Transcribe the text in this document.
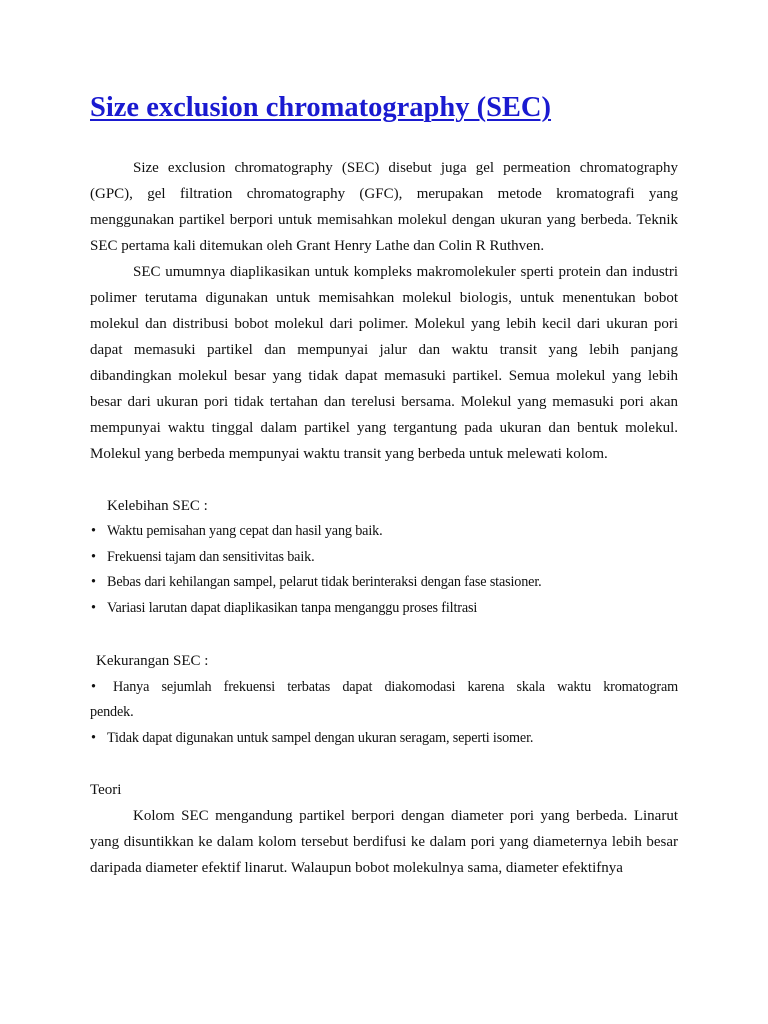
Size exclusion chromatography (SEC)

Size exclusion chromatography (SEC) disebut juga gel permeation chromatography (GPC), gel filtration chromatography (GFC), merupakan metode kromatografi yang menggunakan partikel berpori untuk memisahkan molekul dengan ukuran yang berbeda. Teknik SEC pertama kali ditemukan oleh Grant Henry Lathe dan Colin R Ruthven.

SEC umumnya diaplikasikan untuk kompleks makromolekuler sperti protein dan industri polimer terutama digunakan untuk memisahkan molekul biologis, untuk menentukan bobot molekul dan distribusi bobot molekul dari polimer. Molekul yang lebih kecil dari ukuran pori dapat memasuki partikel dan mempunyai jalur dan waktu transit yang lebih panjang dibandingkan molekul besar yang tidak dapat memasuki partikel. Semua molekul yang lebih besar dari ukuran pori tidak tertahan dan terelusi bersama. Molekul yang memasuki pori akan mempunyai waktu tinggal dalam partikel yang tergantung pada ukuran dan bentuk molekul. Molekul yang berbeda mempunyai waktu transit yang berbeda untuk melewati kolom.

Kelebihan SEC :

• Waktu pemisahan yang cepat dan hasil yang baik.
• Frekuensi tajam dan sensitivitas baik.
• Bebas dari kehilangan sampel, pelarut tidak berinteraksi dengan fase stasioner.
• Variasi larutan dapat diaplikasikan tanpa menganggu proses filtrasi

Kekurangan SEC :

• Hanya sejumlah frekuensi terbatas dapat diakomodasi karena skala waktu kromatogram
pendek.
• Tidak dapat digunakan untuk sampel dengan ukuran seragam, seperti isomer.

Teori

Kolom SEC mengandung partikel berpori dengan diameter pori yang berbeda. Linarut yang disuntikkan ke dalam kolom tersebut berdifusi ke dalam pori yang diameternya lebih besar daripada diameter efektif linarut. Walaupun bobot molekulnya sama, diameter efektifnya
